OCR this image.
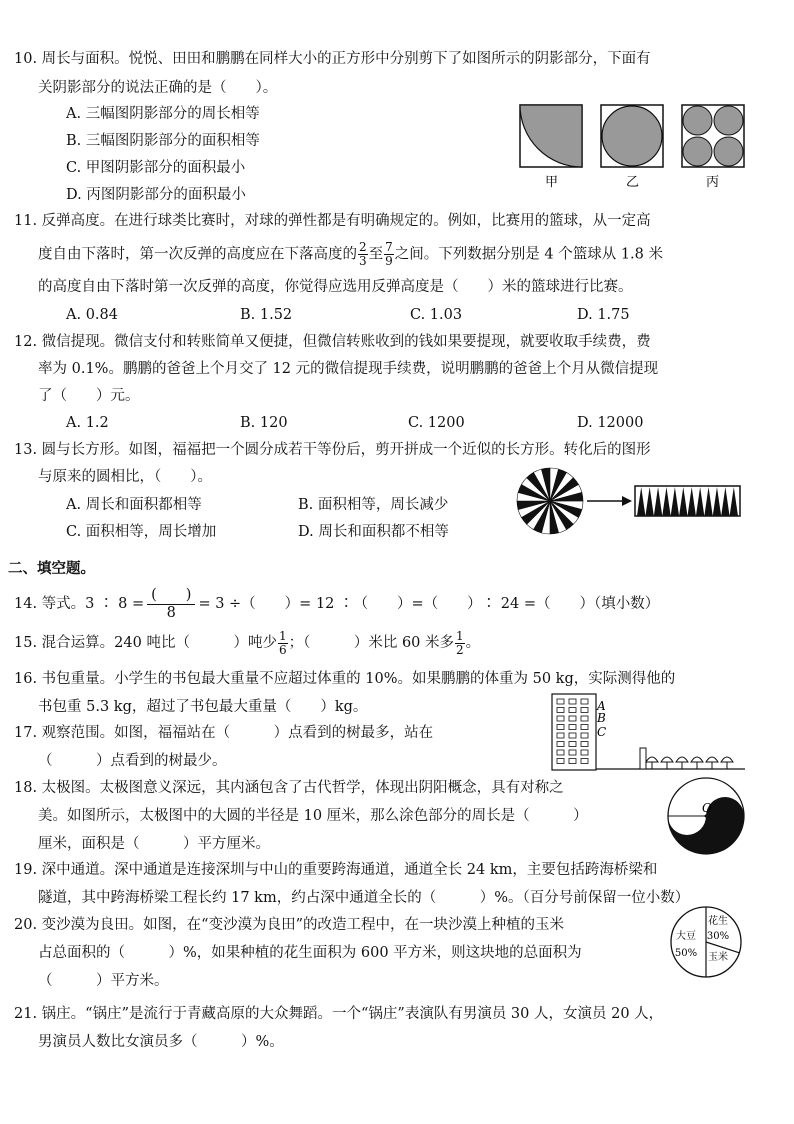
10. 周长与面积。悦悦、田田和鹏鹏在同样大小的正方形中分别剪下了如图所示的阴影部分，下面有
关阴影部分的说法正确的是（　　）。
A. 三幅图阴影部分的周长相等
B. 三幅图阴影部分的面积相等
C. 甲图阴影部分的面积最小
D. 丙图阴影部分的面积最小
甲	乙	丙
11. 反弹高度。在进行球类比赛时，对球的弹性都是有明确规定的。例如，比赛用的篮球，从一定高
度自由下落时，第一次反弹的高度应在下落高度的 $\frac{2}{3}$ 至 $\frac{7}{9}$ 之间。下列数据分别是 4 个篮球从 1.8 米
的高度自由下落时第一次反弹的高度，你觉得应选用反弹高度是（　　）米的篮球进行比赛。
A. 0.84	B. 1.52	C. 1.03	D. 1.75
12. 微信提现。微信支付和转账简单又便捷，但微信转账收到的钱如果要提现，就要收取手续费，费
率为 0.1%。鹏鹏的爸爸上个月交了 12 元的微信提现手续费，说明鹏鹏的爸爸上个月从微信提现
了（　　）元。
A. 1.2	B. 120	C. 1200	D. 12000
13. 圆与长方形。如图，福福把一个圆分成若干等份后，剪开拼成一个近似的长方形。转化后的图形
与原来的圆相比，（　　）。
A. 周长和面积都相等	B. 面积相等，周长减少
C. 面积相等，周长增加	D. 周长和面积都不相等
二、填空题。
14. 等式。3 ∶ 8 =
(　　)
8
= 3 ÷（　　）= 12 ∶（　　）=（　　）∶ 24 =（　　）（填小数）
15. 混合运算。240 吨比（　　　）吨少 $\frac{1}{6}$ ；（　　　）米比 60 米多 $\frac{1}{2}$ 。
16. 书包重量。小学生的书包最大重量不应超过体重的 10%。如果鹏鹏的体重为 50 kg，实际测得他的
书包重 5.3 kg，超过了书包最大重量（　　）kg。
17. 观察范围。如图，福福站在（　　　）点看到的树最多，站在
（　　　）点看到的树最少。
A
B
C
18. 太极图。太极图意义深远，其内涵包含了古代哲学，体现出阴阳概念，具有对称之
美。如图所示，太极图中的大圆的半径是 10 厘米，那么涂色部分的周长是（　　　）
厘米，面积是（　　　）平方厘米。
O
19. 深中通道。深中通道是连接深圳与中山的重要跨海通道，通道全长 24 km，主要包括跨海桥梁和
隧道，其中跨海桥梁工程长约 17 km，约占深中通道全长的（　　　）%。（百分号前保留一位小数）
20. 变沙漠为良田。如图，在“变沙漠为良田”的改造工程中，在一块沙漠上种植的玉米
占总面积的（　　　）%，如果种植的花生面积为 600 平方米，则这块地的总面积为
（　　　）平方米。
大豆
50%
花生
30%
玉米
21. 锅庄。“锅庄”是流行于青藏高原的大众舞蹈。一个“锅庄”表演队有男演员 30 人，女演员 20 人，
男演员人数比女演员多（　　　）%。
